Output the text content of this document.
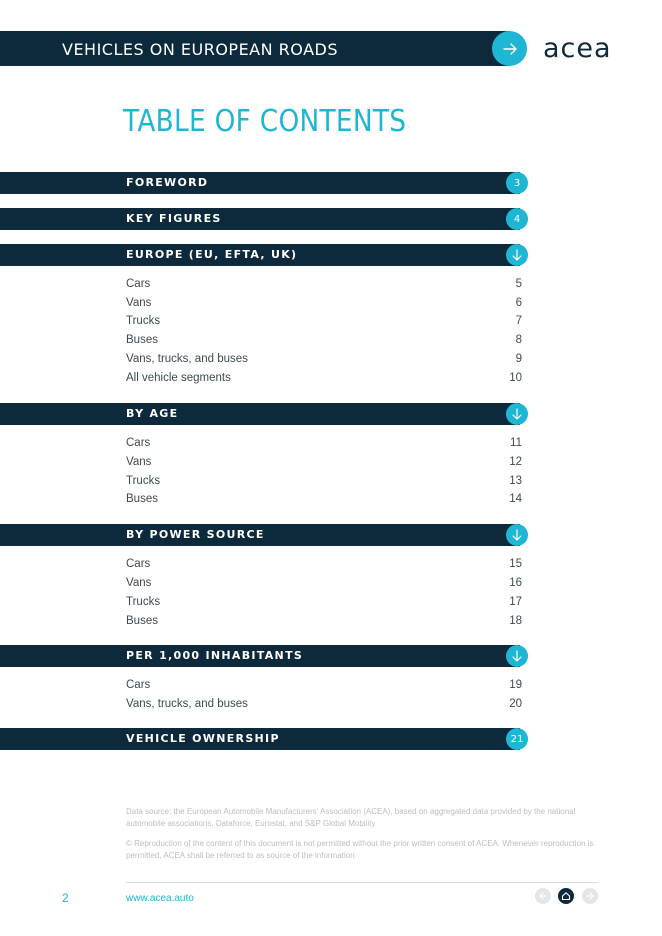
VEHICLES ON EUROPEAN ROADS	acea
TABLE OF CONTENTS
FOREWORD	3
KEY FIGURES	4
EUROPE (EU, EFTA, UK)
Cars	5
Vans	6
Trucks	7
Buses	8
Vans, trucks, and buses	9
All vehicle segments	10
BY AGE
Cars	11
Vans	12
Trucks	13
Buses	14
BY POWER SOURCE
Cars	15
Vans	16
Trucks	17
Buses	18
PER 1,000 INHABITANTS
Cars	19
Vans, trucks, and buses	20
VEHICLE OWNERSHIP	21
Data source: the European Automobile Manufacturers' Association (ACEA), based on aggregated data provided by the national automobile associations, Dataforce, Eurostat, and S&P Global Mobility.
© Reproduction of the content of this document is not permitted without the prior written consent of ACEA. Whenever reproduction is permitted, ACEA shall be referred to as source of the information.
2	www.acea.auto
